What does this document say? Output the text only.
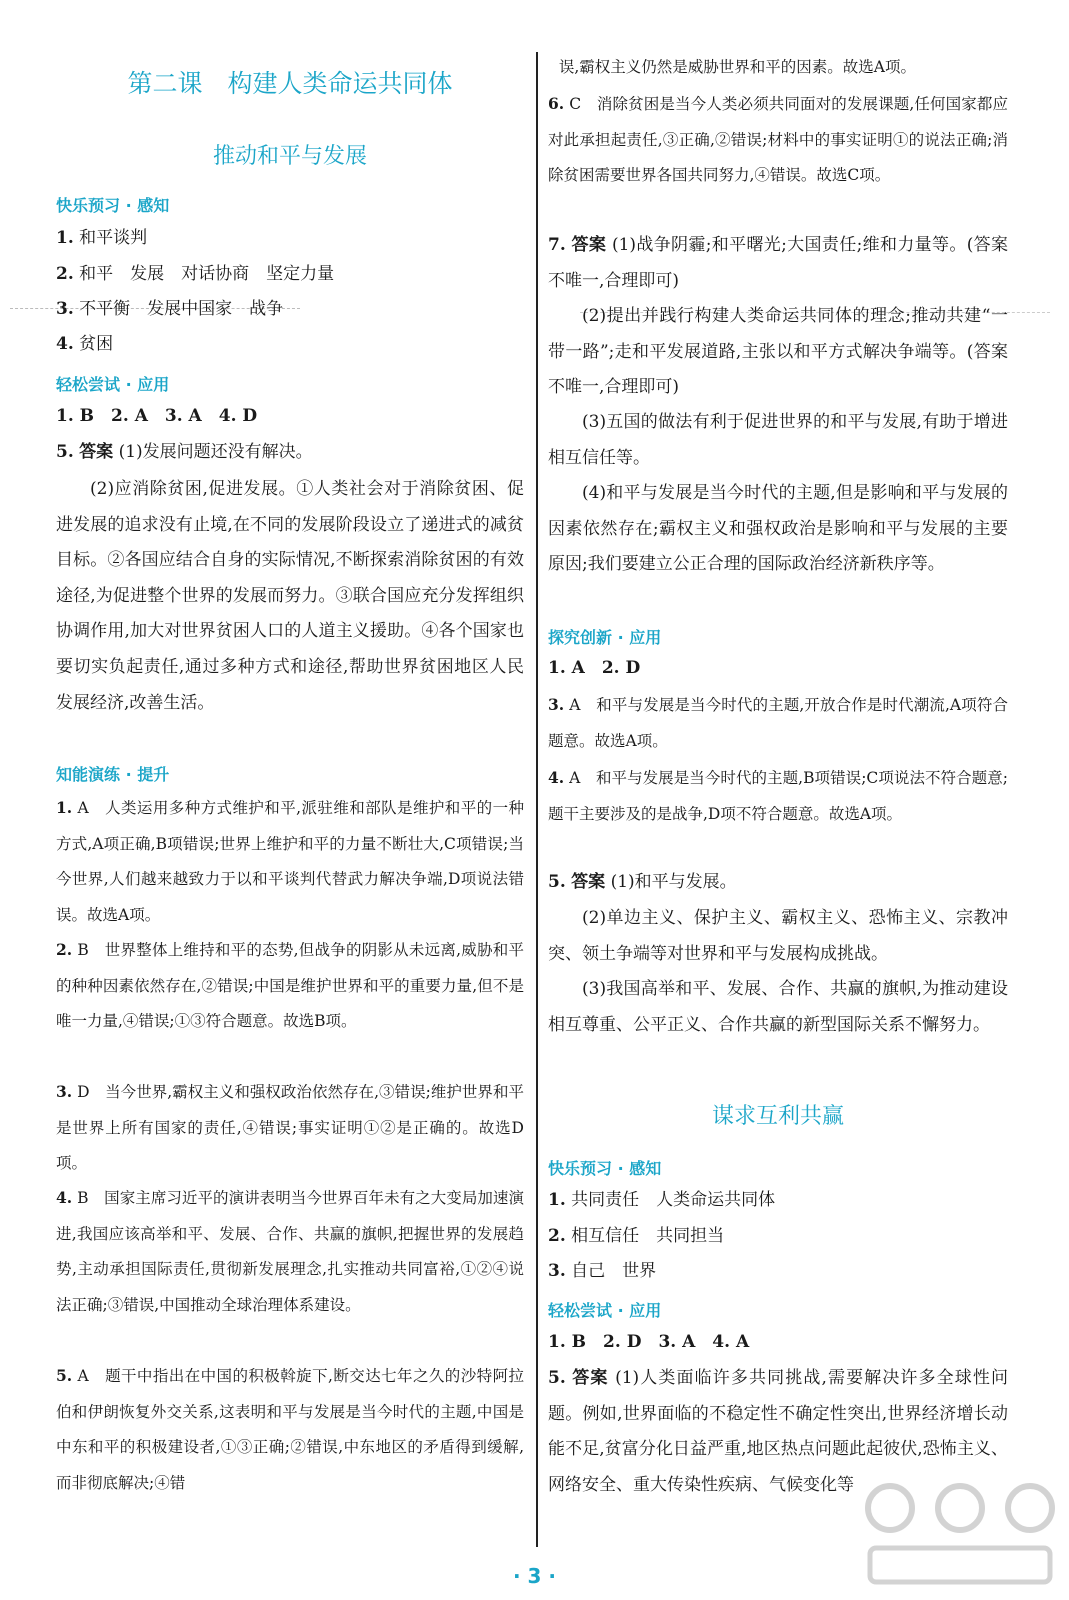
第二课　构建人类命运共同体
推动和平与发展
快乐预习 · 感知
1. 和平谈判
2. 和平　发展　对话协商　坚定力量
3. 不平衡　发展中国家　战争
4. 贫困
轻松尝试 · 应用
1. B　2. A　3. A　4. D
5. 答案 (1)发展问题还没有解决。
(2)应消除贫困,促进发展。①人类社会对于消除贫困、促进发展的追求没有止境,在不同的发展阶段设立了递进式的减贫目标。②各国应结合自身的实际情况,不断探索消除贫困的有效途径,为促进整个世界的发展而努力。③联合国应充分发挥组织协调作用,加大对世界贫困人口的人道主义援助。④各个国家也要切实负起责任,通过多种方式和途径,帮助世界贫困地区人民发展经济,改善生活。
知能演练 · 提升
1. A　人类运用多种方式维护和平,派驻维和部队是维护和平的一种方式,A项正确,B项错误;世界上维护和平的力量不断壮大,C项错误;当今世界,人们越来越致力于以和平谈判代替武力解决争端,D项说法错误。故选A项。
2. B　世界整体上维持和平的态势,但战争的阴影从未远离,威胁和平的种种因素依然存在,②错误;中国是维护世界和平的重要力量,但不是唯一力量,④错误;①③符合题意。故选B项。
3. D　当今世界,霸权主义和强权政治依然存在,③错误;维护世界和平是世界上所有国家的责任,④错误;事实证明①②是正确的。故选D项。
4. B　国家主席习近平的演讲表明当今世界百年未有之大变局加速演进,我国应该高举和平、发展、合作、共赢的旗帜,把握世界的发展趋势,主动承担国际责任,贯彻新发展理念,扎实推动共同富裕,①②④说法正确;③错误,中国推动全球治理体系建设。
5. A　题干中指出在中国的积极斡旋下,断交达七年之久的沙特阿拉伯和伊朗恢复外交关系,这表明和平与发展是当今时代的主题,中国是中东和平的积极建设者,①③正确;②错误,中东地区的矛盾得到缓解,而非彻底解决;④错
误,霸权主义仍然是威胁世界和平的因素。故选A项。
6. C　消除贫困是当今人类必须共同面对的发展课题,任何国家都应对此承担起责任,③正确,②错误;材料中的事实证明①的说法正确;消除贫困需要世界各国共同努力,④错误。故选C项。
7. 答案 (1)战争阴霾;和平曙光;大国责任;维和力量等。(答案不唯一,合理即可)
(2)提出并践行构建人类命运共同体的理念;推动共建“一带一路”;走和平发展道路,主张以和平方式解决争端等。(答案不唯一,合理即可)
(3)五国的做法有利于促进世界的和平与发展,有助于增进相互信任等。
(4)和平与发展是当今时代的主题,但是影响和平与发展的因素依然存在;霸权主义和强权政治是影响和平与发展的主要原因;我们要建立公正合理的国际政治经济新秩序等。
探究创新 · 应用
1. A　2. D
3. A　和平与发展是当今时代的主题,开放合作是时代潮流,A项符合题意。故选A项。
4. A　和平与发展是当今时代的主题,B项错误;C项说法不符合题意;题干主要涉及的是战争,D项不符合题意。故选A项。
5. 答案 (1)和平与发展。
(2)单边主义、保护主义、霸权主义、恐怖主义、宗教冲突、领土争端等对世界和平与发展构成挑战。
(3)我国高举和平、发展、合作、共赢的旗帜,为推动建设相互尊重、公平正义、合作共赢的新型国际关系不懈努力。
谋求互利共赢
快乐预习 · 感知
1. 共同责任　人类命运共同体
2. 相互信任　共同担当
3. 自己　世界
轻松尝试 · 应用
1. B　2. D　3. A　4. A
5. 答案 (1)人类面临许多共同挑战,需要解决许多全球性问题。例如,世界面临的不稳定性不确定性突出,世界经济增长动能不足,贫富分化日益严重,地区热点问题此起彼伏,恐怖主义、网络安全、重大传染性疾病、气候变化等
· 3 ·
